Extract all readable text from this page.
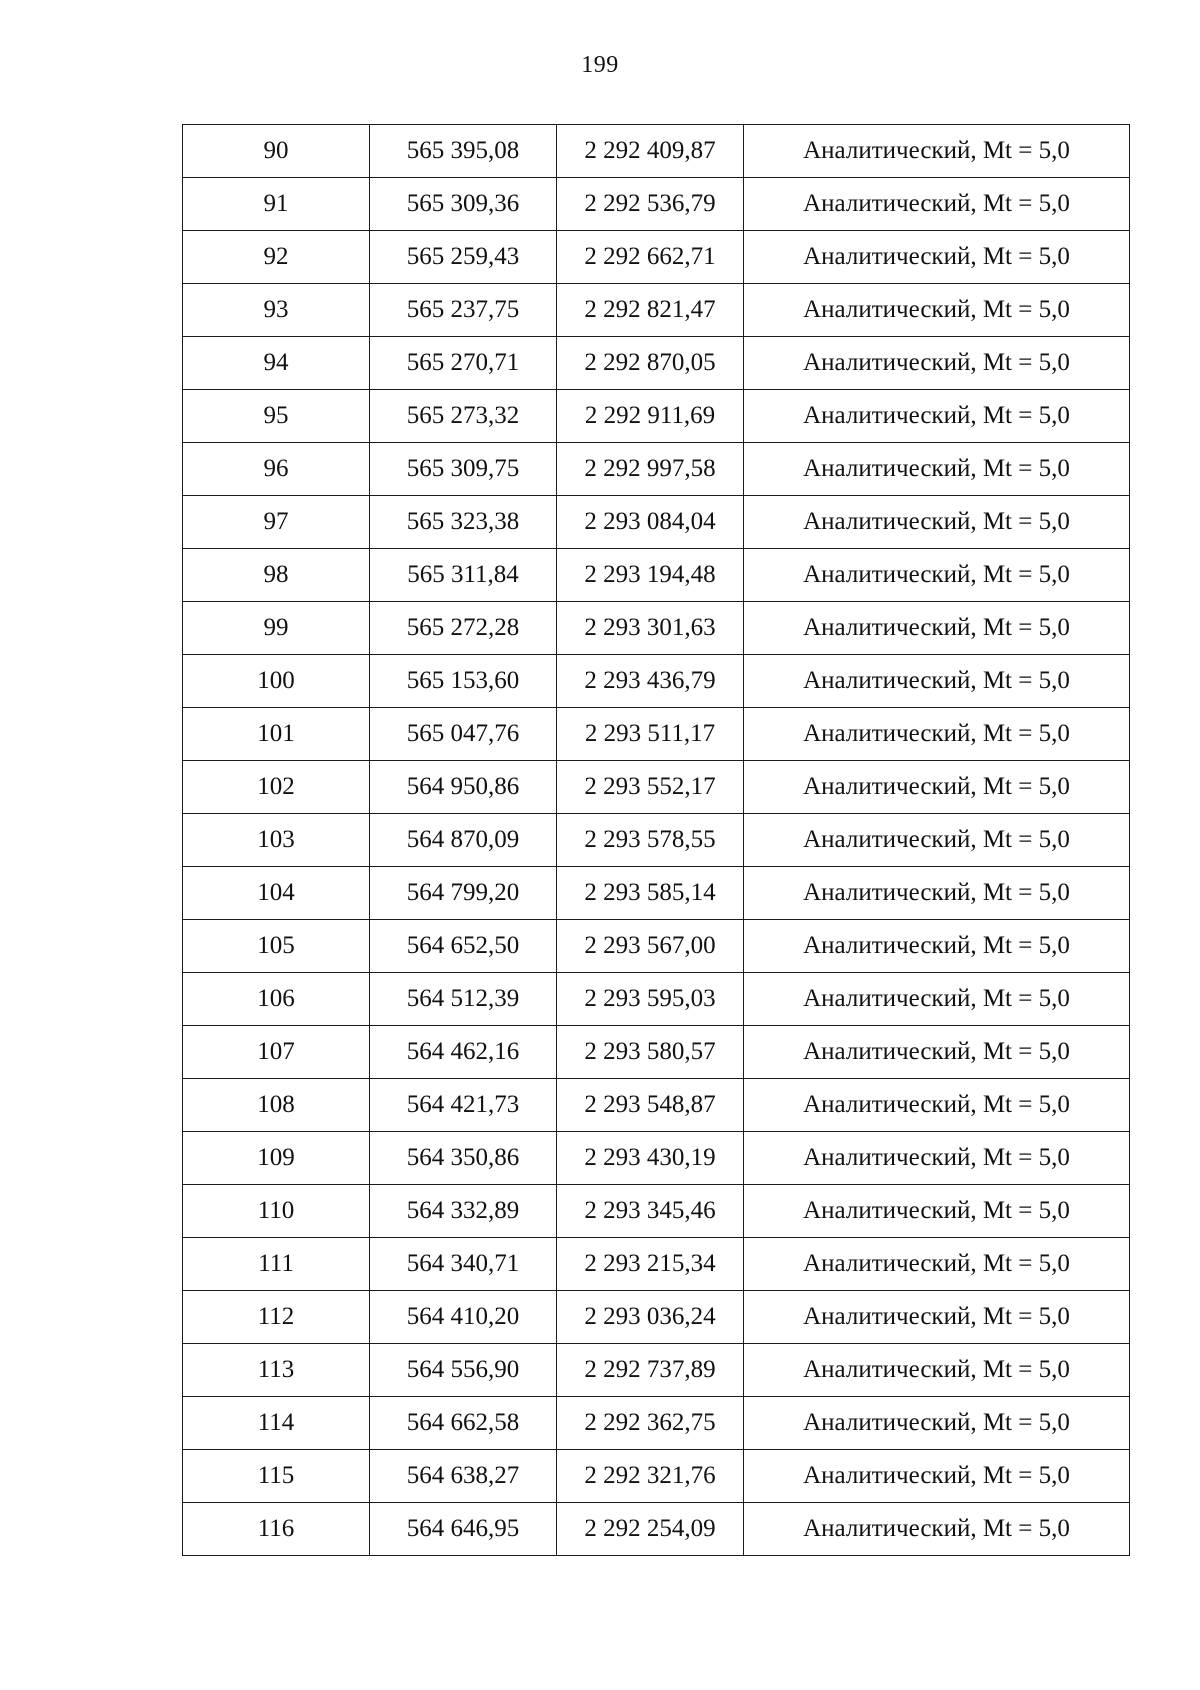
199
90	565 395,08	2 292 409,87	Аналитический, Mt = 5,0
91	565 309,36	2 292 536,79	Аналитический, Mt = 5,0
92	565 259,43	2 292 662,71	Аналитический, Mt = 5,0
93	565 237,75	2 292 821,47	Аналитический, Mt = 5,0
94	565 270,71	2 292 870,05	Аналитический, Mt = 5,0
95	565 273,32	2 292 911,69	Аналитический, Mt = 5,0
96	565 309,75	2 292 997,58	Аналитический, Mt = 5,0
97	565 323,38	2 293 084,04	Аналитический, Mt = 5,0
98	565 311,84	2 293 194,48	Аналитический, Mt = 5,0
99	565 272,28	2 293 301,63	Аналитический, Mt = 5,0
100	565 153,60	2 293 436,79	Аналитический, Mt = 5,0
101	565 047,76	2 293 511,17	Аналитический, Mt = 5,0
102	564 950,86	2 293 552,17	Аналитический, Mt = 5,0
103	564 870,09	2 293 578,55	Аналитический, Mt = 5,0
104	564 799,20	2 293 585,14	Аналитический, Mt = 5,0
105	564 652,50	2 293 567,00	Аналитический, Mt = 5,0
106	564 512,39	2 293 595,03	Аналитический, Mt = 5,0
107	564 462,16	2 293 580,57	Аналитический, Mt = 5,0
108	564 421,73	2 293 548,87	Аналитический, Mt = 5,0
109	564 350,86	2 293 430,19	Аналитический, Mt = 5,0
110	564 332,89	2 293 345,46	Аналитический, Mt = 5,0
111	564 340,71	2 293 215,34	Аналитический, Mt = 5,0
112	564 410,20	2 293 036,24	Аналитический, Mt = 5,0
113	564 556,90	2 292 737,89	Аналитический, Mt = 5,0
114	564 662,58	2 292 362,75	Аналитический, Mt = 5,0
115	564 638,27	2 292 321,76	Аналитический, Mt = 5,0
116	564 646,95	2 292 254,09	Аналитический, Mt = 5,0
